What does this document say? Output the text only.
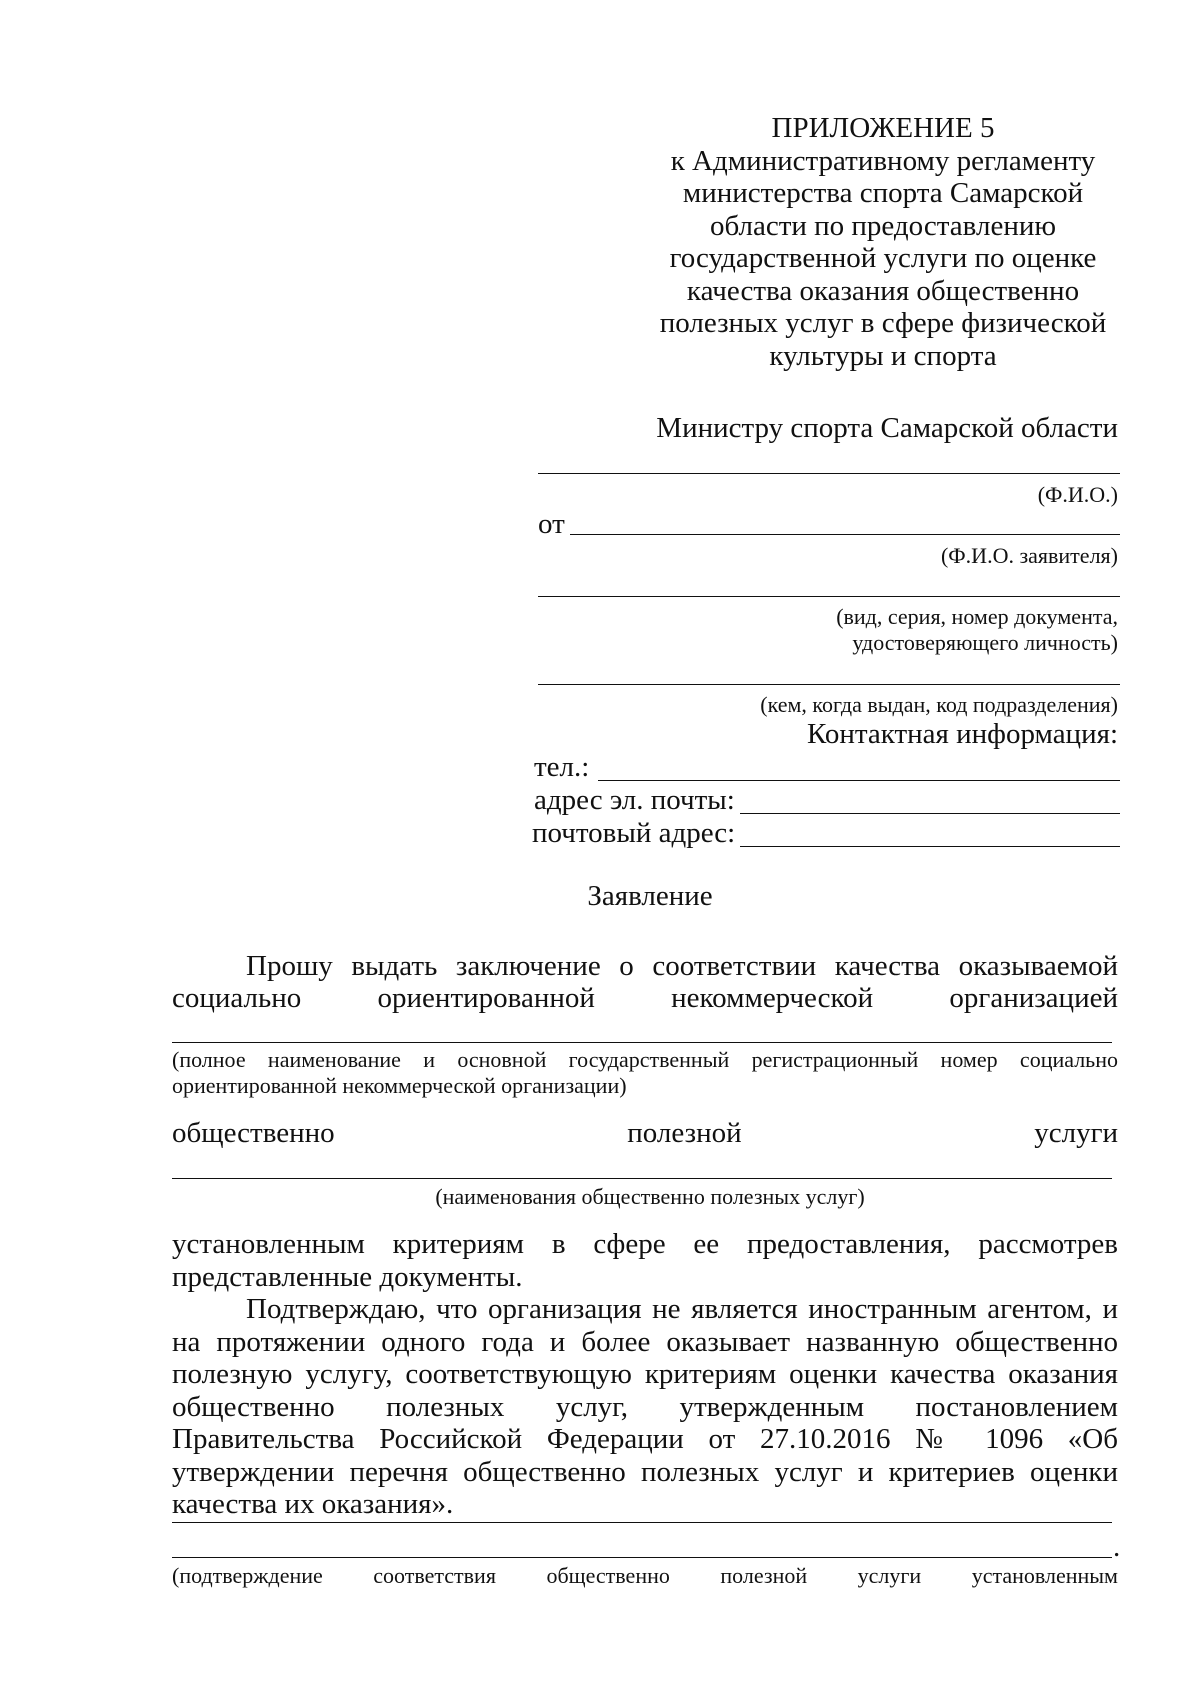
ПРИЛОЖЕНИЕ 5
к Административному регламенту
министерства спорта Самарской
области по предоставлению
государственной услуги по оценке
качества оказания общественно
полезных услуг в сфере физической
культуры и спорта
Министру спорта Самарской области
(Ф.И.О.)
от
(Ф.И.О. заявителя)
(вид, серия, номер документа,
удостоверяющего личность)
(кем, когда выдан, код подразделения)
Контактная информация:
тел.:
адрес эл. почты:
почтовый адрес:
Заявление
Прошу выдать заключение о соответствии качества оказываемой
социально	ориентированной	некоммерческой	организацией
(полное наименование и основной государственный регистрационный номер социально ориентированной некоммерческой организации)
общественно	полезной	услуги
(наименования общественно полезных услуг)
установленным критериям в сфере ее предоставления, рассмотрев представленные документы.
Подтверждаю, что организация не является иностранным агентом, и на протяжении одного года и более оказывает названную общественно полезную услугу, соответствующую критериям оценки качества оказания общественно полезных услуг, утвержденным постановлением Правительства Российской Федерации от 27.10.2016 № 1096 «Об утверждении перечня общественно полезных услуг и критериев оценки качества их оказания».
.
(подтверждение соответствия общественно полезной услуги установленным
